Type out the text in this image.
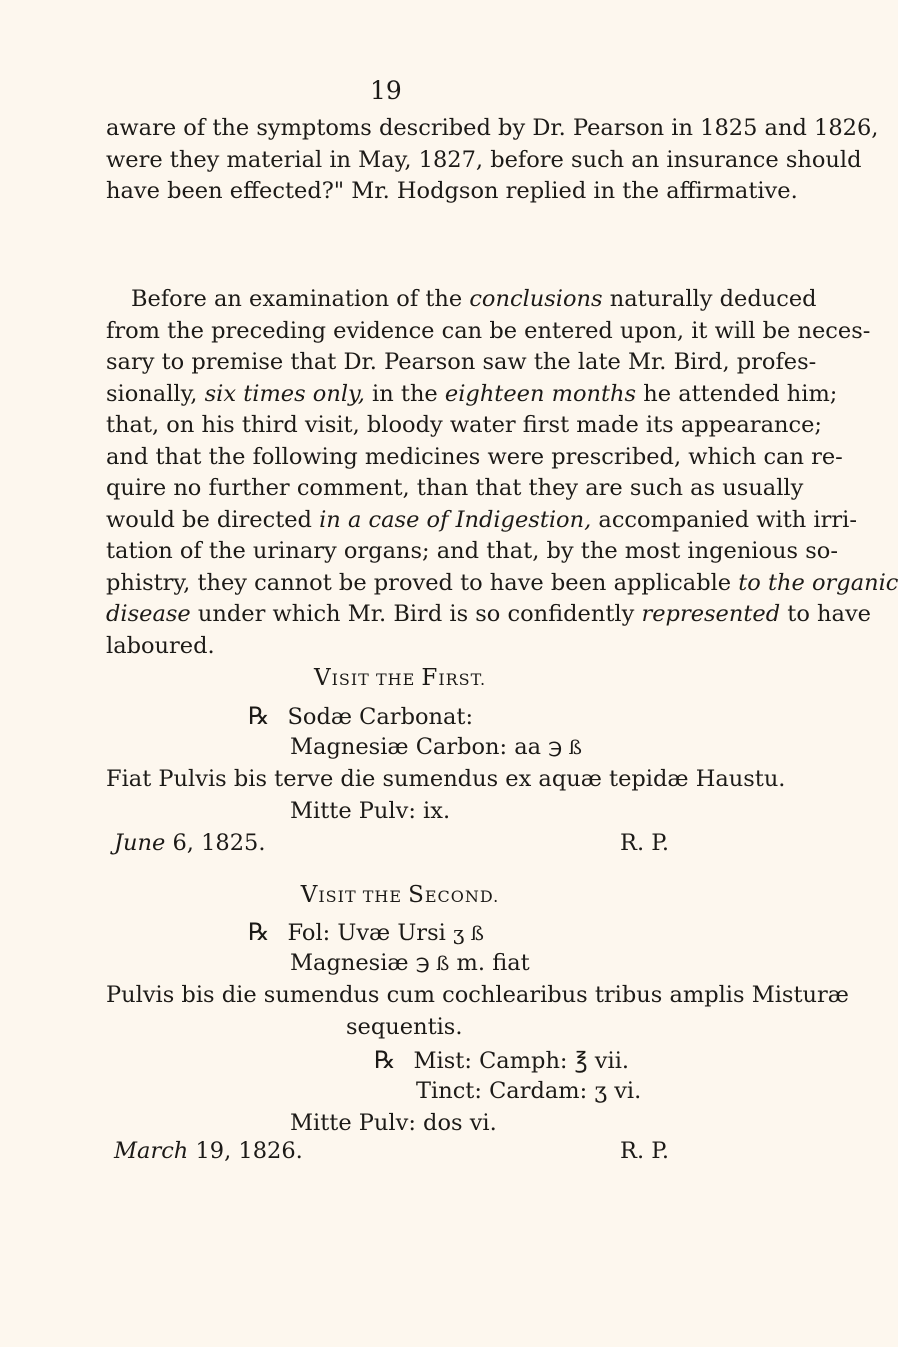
19
aware of the symptoms described by Dr. Pearson in 1825 and 1826,
were they material in May, 1827, before such an insurance should
have been effected?" Mr. Hodgson replied in the affirmative.
Before an examination of the conclusions naturally deduced
from the preceding evidence can be entered upon, it will be neces-
sary to premise that Dr. Pearson saw the late Mr. Bird, profes-
sionally, six times only, in the eighteen months he attended him;
that, on his third visit, bloody water first made its appearance;
and that the following medicines were prescribed, which can re-
quire no further comment, than that they are such as usually
would be directed in a case of Indigestion, accompanied with irri-
tation of the urinary organs; and that, by the most ingenious so-
phistry, they cannot be proved to have been applicable to the organic
disease under which Mr. Bird is so confidently represented to have
laboured.
VISIT THE FIRST.
℞ Sodæ Carbonat:
Magnesiæ Carbon: aa ℈ ß
Fiat Pulvis bis terve die sumendus ex aquæ tepidæ Haustu.
Mitte Pulv: ix.
June 6, 1825.	R. P.
VISIT THE SECOND.
℞ Fol: Uvæ Ursi ʒ ß
Magnesiæ ℈ ß m. fiat
Pulvis bis die sumendus cum cochlearibus tribus amplis Misturæ
sequentis.
℞ Mist: Camph: ℥ vii.
Tinct: Cardam: ʒ vi.
Mitte Pulv: dos vi.
March 19, 1826.	R. P.
